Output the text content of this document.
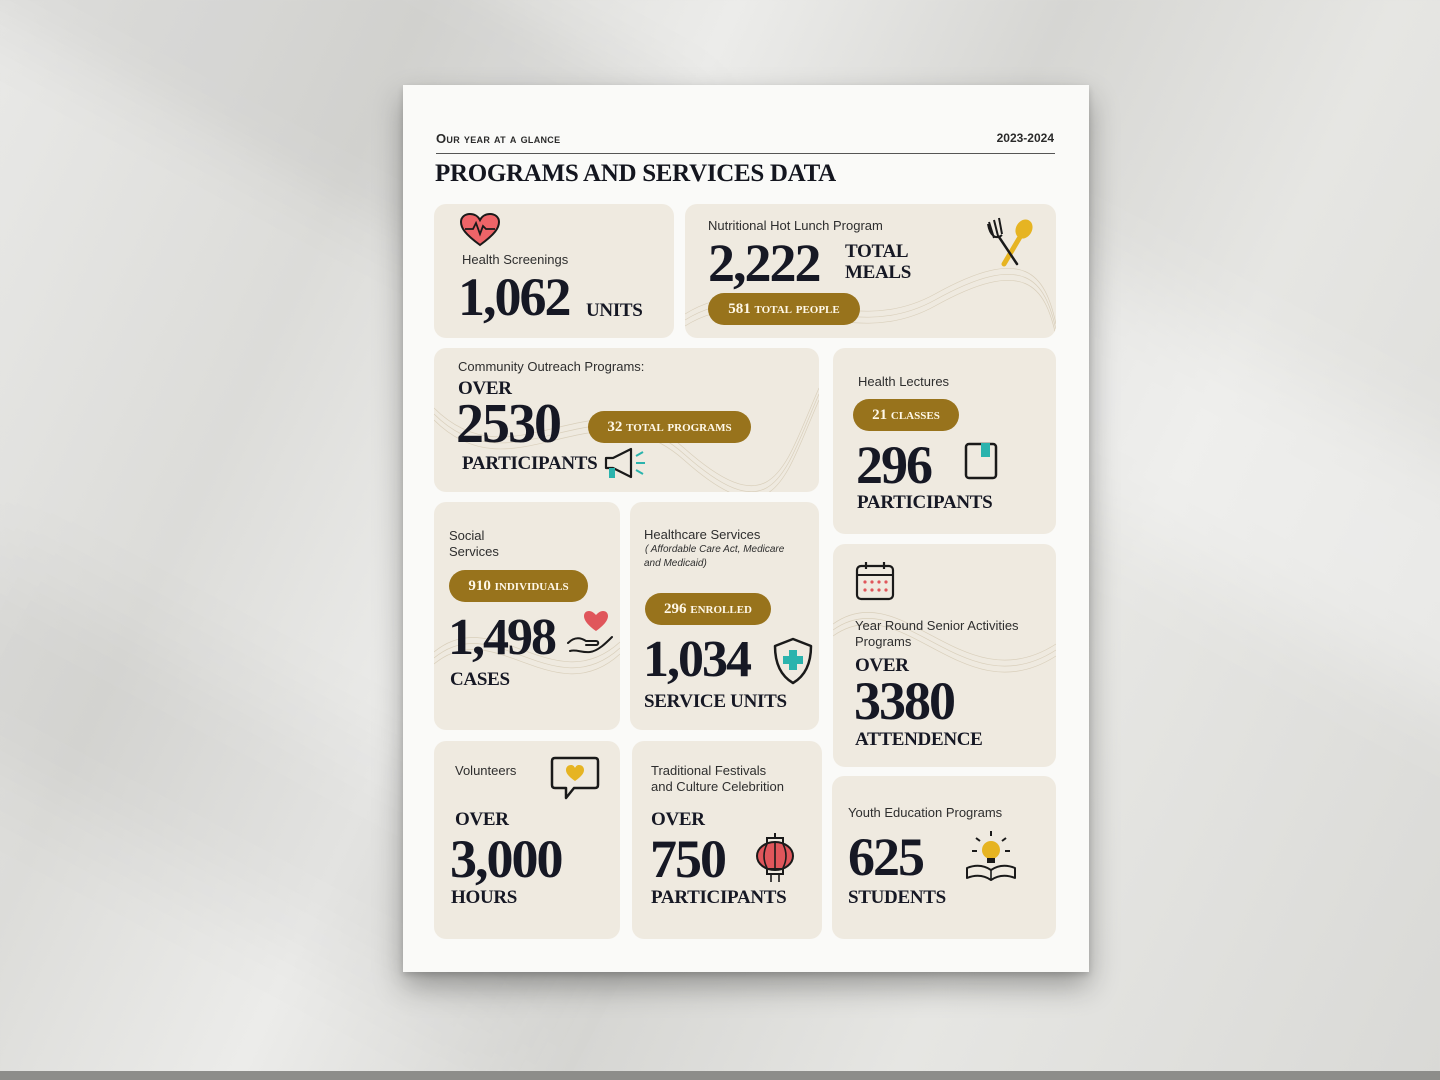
Our year at a glance	2023-2024
PROGRAMS AND SERVICES DATA
Health Screenings
1,062 UNITS
Nutritional Hot Lunch Program
2,222 TOTAL
MEALS
581 total people
Community Outreach Programs:
OVER
2530	32 total programs
PARTICIPANTS
Health Lectures
21 classes
296
PARTICIPANTS
Social
Services
910 individuals
1,498
CASES
Healthcare Services
( Affordable Care Act, Medicare
and Medicaid)
296 enrolled
1,034
SERVICE UNITS
Year Round Senior Activities
Programs
OVER
3380
ATTENDENCE
Volunteers
OVER
3,000
HOURS
Traditional Festivals
and Culture Celebrition
OVER
750
PARTICIPANTS
Youth Education Programs
625
STUDENTS
